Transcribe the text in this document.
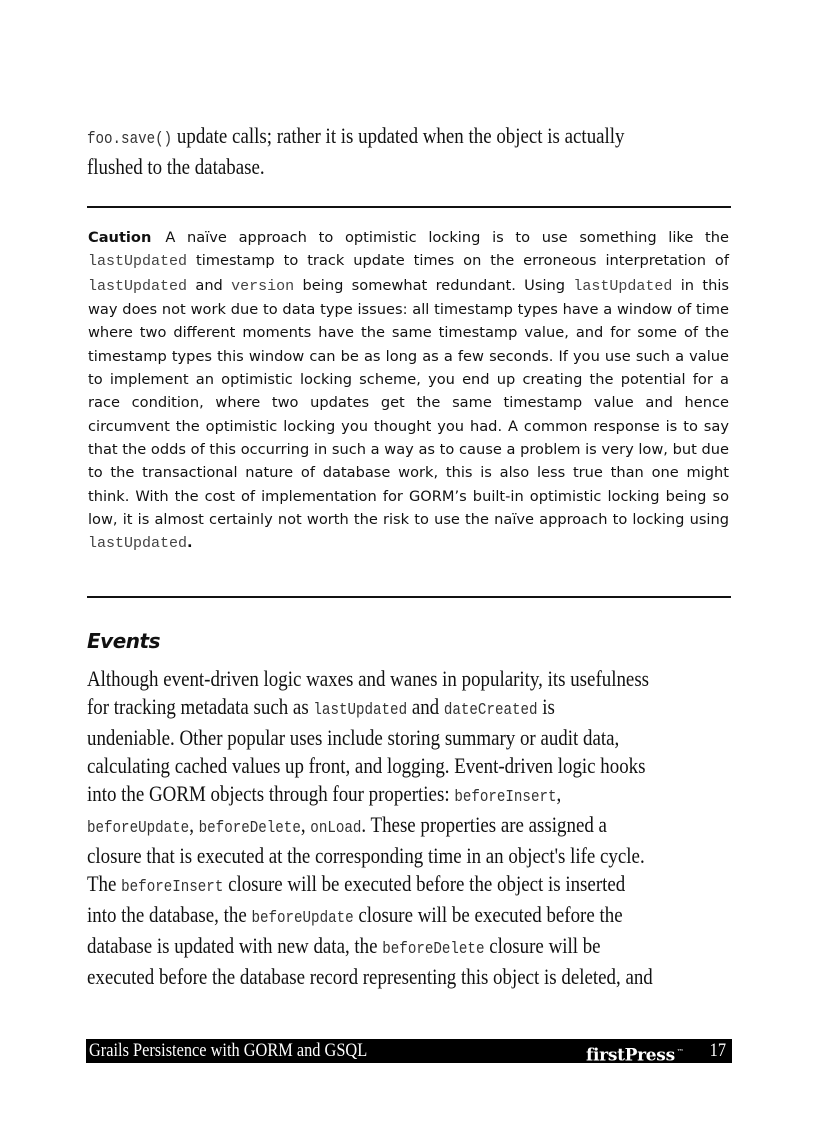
foo.save() update calls; rather it is updated when the object is actually
flushed to the database.
Caution A naïve approach to optimistic locking is to use something like the lastUpdated timestamp to track update times on the erroneous interpretation of lastUpdated and version being somewhat redundant. Using lastUpdated in this way does not work due to data type issues: all timestamp types have a window of time where two different moments have the same timestamp value, and for some of the timestamp types this window can be as long as a few seconds. If you use such a value to implement an optimistic locking scheme, you end up creating the potential for a race condition, where two updates get the same timestamp value and hence circumvent the optimistic locking you thought you had. A common response is to say that the odds of this occurring in such a way as to cause a problem is very low, but due to the transactional nature of database work, this is also less true than one might think. With the cost of implementation for GORM’s built-in optimistic locking being so low, it is almost certainly not worth the risk to use the naïve approach to locking using lastUpdated.
Events
Although event-driven logic waxes and wanes in popularity, its usefulness
for tracking metadata such as lastUpdated and dateCreated is
undeniable. Other popular uses include storing summary or audit data,
calculating cached values up front, and logging. Event-driven logic hooks
into the GORM objects through four properties: beforeInsert,
beforeUpdate, beforeDelete, onLoad. These properties are assigned a
closure that is executed at the corresponding time in an object's life cycle.
The beforeInsert closure will be executed before the object is inserted
into the database, the beforeUpdate closure will be executed before the
database is updated with new data, the beforeDelete closure will be
executed before the database record representing this object is deleted, and
Grails Persistence with GORM and GSQL	firstPress ™ 17
